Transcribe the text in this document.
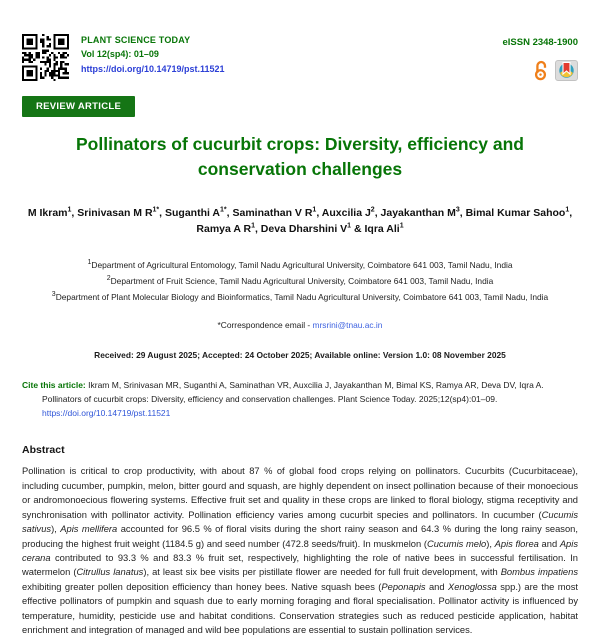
PLANT SCIENCE TODAY
Vol 12(sp4): 01–09
https://doi.org/10.14719/pst.11521
eISSN 2348-1900
REVIEW ARTICLE
Pollinators of cucurbit crops: Diversity, efficiency and conservation challenges
M Ikram$^1$, Srinivasan M $R^{1*}$, Suganthi $A^{1*}$, Saminathan V $R^1$, Auxcilia $J^2$, Jayakanthan $M^3$, Bimal Kumar Sahoo$^1$, Ramya A $R^1$, Deva Dharshini $V^1$ & Iqra Ali$^1$
$^1$Department of Agricultural Entomology, Tamil Nadu Agricultural University, Coimbatore 641 003, Tamil Nadu, India
$^2$Department of Fruit Science, Tamil Nadu Agricultural University, Coimbatore 641 003, Tamil Nadu, India
$^3$Department of Plant Molecular Biology and Bioinformatics, Tamil Nadu Agricultural University, Coimbatore 641 003, Tamil Nadu, India
*Correspondence email - mrsrini@tnau.ac.in
Received: 29 August 2025; Accepted: 24 October 2025; Available online: Version 1.0: 08 November 2025
Cite this article: Ikram M, Srinivasan MR, Suganthi A, Saminathan VR, Auxcilia J, Jayakanthan M, Bimal KS, Ramya AR, Deva DV, Iqra A. Pollinators of cucurbit crops: Diversity, efficiency and conservation challenges. Plant Science Today. 2025;12(sp4):01–09. https://doi.org/10.14719/pst.11521
Abstract
Pollination is critical to crop productivity, with about 87 % of global food crops relying on pollinators. Cucurbits (Cucurbitaceae), including cucumber, pumpkin, melon, bitter gourd and squash, are highly dependent on insect pollination because of their monoecious or andromonoecious flowering systems. Effective fruit set and quality in these crops are linked to floral biology, stigma receptivity and synchronisation with pollinator activity. Pollination efficiency varies among cucurbit species and pollinators. In cucumber (Cucumis sativus), Apis mellifera accounted for 96.5 % of floral visits during the short rainy season and 64.3 % during the long rainy season, producing the highest fruit weight (1184.5 g) and seed number (472.8 seeds/fruit). In muskmelon (Cucumis melo), Apis florea and Apis cerana contributed to 93.3 % and 83.3 % fruit set, respectively, highlighting the role of native bees in successful fertilisation. In watermelon (Citrullus lanatus), at least six bee visits per pistillate flower are needed for full fruit development, with Bombus impatiens exhibiting greater pollen deposition efficiency than honey bees. Native squash bees (Peponapis and Xenoglossa spp.) are the most effective pollinators of pumpkin and squash due to early morning foraging and floral specialisation. Pollinator activity is influenced by temperature, humidity, pesticide use and habitat conditions. Conservation strategies such as reduced pesticide application, habitat enrichment and integration of managed and wild bee populations are essential to sustain pollination services.
